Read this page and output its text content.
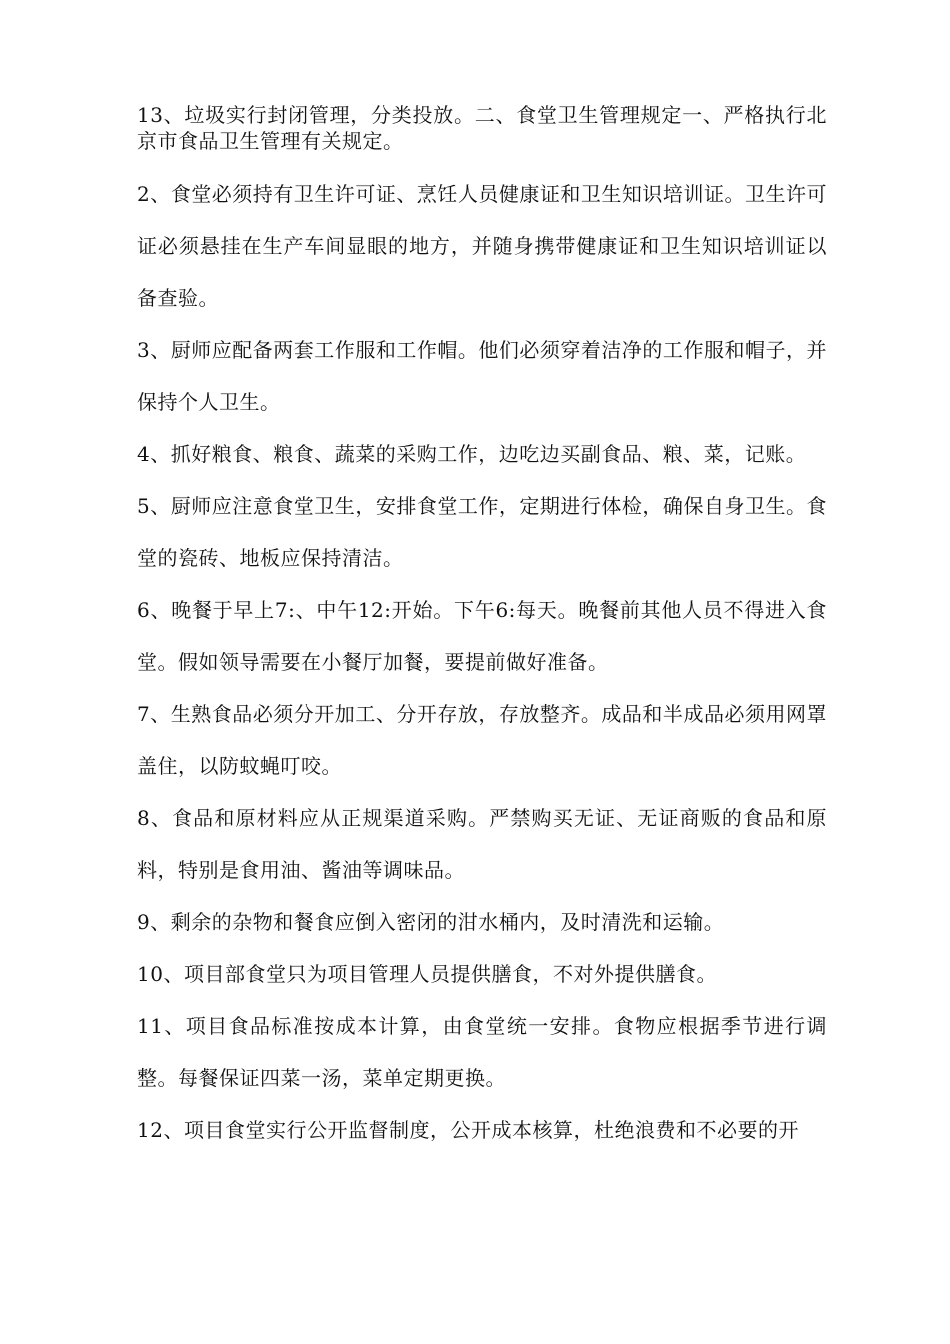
13、垃圾实行封闭管理，分类投放。二、食堂卫生管理规定一、严格执行北京市食品卫生管理有关规定。

2、食堂必须持有卫生许可证、烹饪人员健康证和卫生知识培训证。卫生许可证必须悬挂在生产车间显眼的地方，并随身携带健康证和卫生知识培训证以备查验。

3、厨师应配备两套工作服和工作帽。他们必须穿着洁净的工作服和帽子，并保持个人卫生。

4、抓好粮食、粮食、蔬菜的采购工作，边吃边买副食品、粮、菜，记账。

5、厨师应注意食堂卫生，安排食堂工作，定期进行体检，确保自身卫生。食堂的瓷砖、地板应保持清洁。

6、晚餐于早上7:、中午12:开始。下午6:每天。晚餐前其他人员不得进入食堂。假如领导需要在小餐厅加餐，要提前做好准备。

7、生熟食品必须分开加工、分开存放，存放整齐。成品和半成品必须用网罩盖住，以防蚊蝇叮咬。

8、食品和原材料应从正规渠道采购。严禁购买无证、无证商贩的食品和原料，特别是食用油、酱油等调味品。

9、剩余的杂物和餐食应倒入密闭的泔水桶内，及时清洗和运输。

10、项目部食堂只为项目管理人员提供膳食，不对外提供膳食。

11、项目食品标准按成本计算，由食堂统一安排。食物应根据季节进行调整。每餐保证四菜一汤，菜单定期更换。

12、项目食堂实行公开监督制度，公开成本核算，杜绝浪费和不必要的开
